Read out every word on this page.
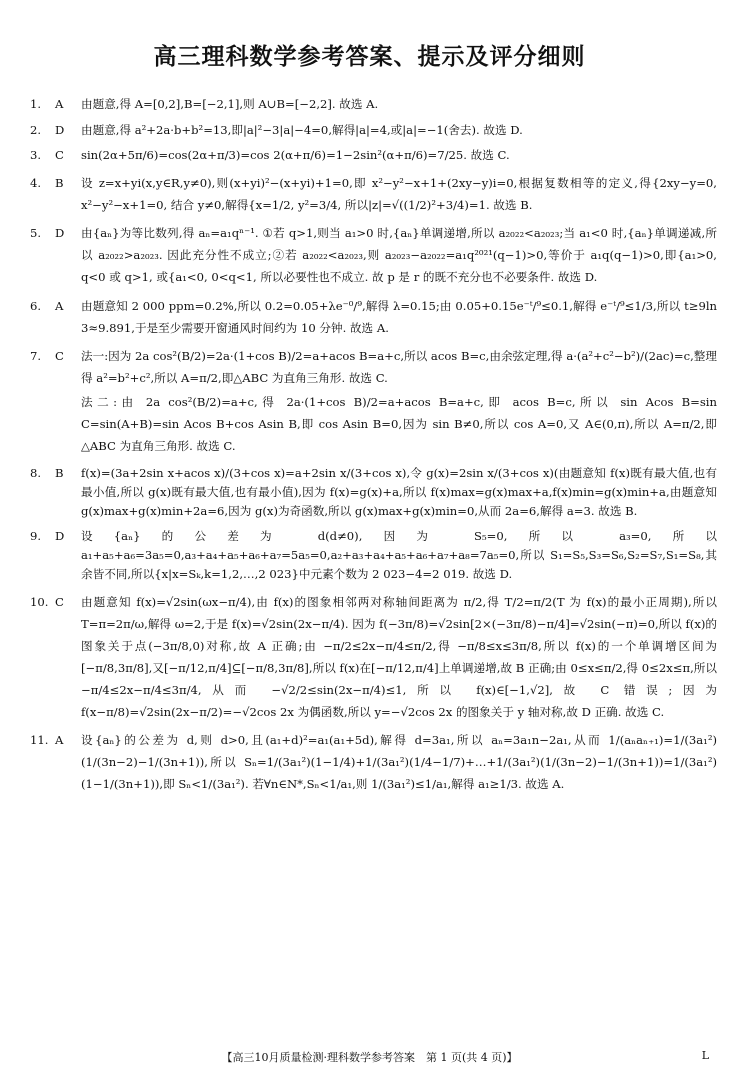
高三理科数学参考答案、提示及评分细则
1.	A	由题意,得 A=[0,2],B=[−2,1],则 A∪B=[−2,2]. 故选 A.

2.	D	由题意,得 a²+2a·b+b²=13,即|a|²−3|a|−4=0,解得|a|=4,或|a|=−1(舍去). 故选 D.

3.	C	sin(2α+5π/6)=cos(2α+π/3)=cos 2(α+π/6)=1−2sin²(α+π/6)=7/25. 故选 C.

4.	B	设 z=x+yi(x,y∈R,y≠0),则(x+yi)²−(x+yi)+1=0,即 x²−y²−x+1+(2xy−y)i=0,根据复数相等的定义,得{2xy−y=0, x²−y²−x+1=0, 结合 y≠0,解得{x=1/2, y²=3/4, 所以|z|=√((1/2)²+3/4)=1. 故选 B.

5.	D	由{aₙ}为等比数列,得 aₙ=a₁qⁿ⁻¹. ①若 q>1,则当 a₁>0 时,{aₙ}单调递增,所以 a₂₀₂₂<a₂₀₂₃;当 a₁<0 时,{aₙ}单调递减,所以 a₂₀₂₂>a₂₀₂₃. 因此充分性不成立;②若 a₂₀₂₂<a₂₀₂₃,则 a₂₀₂₃−a₂₀₂₂=a₁q²⁰²¹(q−1)>0,等价于 a₁q(q−1)>0,即{a₁>0, q<0 或 q>1, 或{a₁<0, 0<q<1, 所以必要性也不成立. 故 p 是 r 的既不充分也不必要条件. 故选 D.

6.	A	由题意知 2 000 ppm=0.2%,所以 0.2=0.05+λe⁻⁰/⁹,解得 λ=0.15;由 0.05+0.15e⁻ᵗ/⁹≤0.1,解得 e⁻ᵗ/⁹≤1/3,所以 t≥9ln 3≈9.891,于是至少需要开窗通风时间约为 10 分钟. 故选 A.

7.	C	法一:因为 2a cos²(B/2)=2a·(1+cos B)/2=a+acos B=a+c,所以 acos B=c,由余弦定理,得 a·(a²+c²−b²)/(2ac)=c,整理得 a²=b²+c²,所以 A=π/2,即△ABC 为直角三角形. 故选 C.

法二:由 2a cos²(B/2)=a+c,得 2a·(1+cos B)/2=a+acos B=a+c,即 acos B=c,所以 sin Acos B=sin C=sin(A+B)=sin Acos B+cos Asin B,即 cos Asin B=0,因为 sin B≠0,所以 cos A=0,又 A∈(0,π),所以 A=π/2,即△ABC 为直角三角形. 故选 C.

8.	B	f(x)=(3a+2sin x+acos x)/(3+cos x)=a+2sin x/(3+cos x),令 g(x)=2sin x/(3+cos x)(由题意知 f(x)既有最大值,也有最小值,所以 g(x)既有最大值,也有最小值),因为 f(x)=g(x)+a,所以 f(x)max=g(x)max+a,f(x)min=g(x)min+a,由题意知 g(x)max+g(x)min+2a=6,因为 g(x)为奇函数,所以 g(x)max+g(x)min=0,从而 2a=6,解得 a=3. 故选 B.

9.	D	设{aₙ}的公差为 d(d≠0),因为 S₅=0,所以 a₃=0,所以 a₁+a₅+a₆=3a₅=0,a₃+a₄+a₅+a₆+a₇=5a₅=0,a₂+a₃+a₄+a₅+a₆+a₇+a₈=7a₅=0,所以 S₁=S₅,S₃=S₆,S₂=S₇,S₁=S₈,其余皆不同,所以{x|x=Sₖ,k=1,2,…,2 023}中元素个数为 2 023−4=2 019. 故选 D.

10. C	由题意知 f(x)=√2sin(ωx−π/4),由 f(x)的图象相邻两对称轴间距离为 π/2,得 T/2=π/2(T 为 f(x)的最小正周期),所以 T=π=2π/ω,解得 ω=2,于是 f(x)=√2sin(2x−π/4). 因为 f(−3π/8)=√2sin[2×(−3π/8)−π/4]=√2sin(−π)=0,所以 f(x)的图象关于点(−3π/8,0)对称,故 A 正确;由 −π/2≤2x−π/4≤π/2,得 −π/8≤x≤3π/8,所以 f(x)的一个单调增区间为[−π/8,3π/8],又[−π/12,π/4]⊆[−π/8,3π/8],所以 f(x)在[−π/12,π/4]上单调递增,故 B 正确;由 0≤x≤π/2,得 0≤2x≤π,所以 −π/4≤2x−π/4≤3π/4,从而 −√2/2≤sin(2x−π/4)≤1,所以 f(x)∈[−1,√2],故 C 错误;因为 f(x−π/8)=√2sin(2x−π/2)=−√2cos 2x 为偶函数,所以 y=−√2cos 2x 的图象关于 y 轴对称,故 D 正确. 故选 C.

11. A	设{aₙ}的公差为 d,则 d>0,且(a₁+d)²=a₁(a₁+5d),解得 d=3a₁,所以 aₙ=3a₁n−2a₁,从而 1/(aₙaₙ₊₁)=1/(3a₁²)(1/(3n−2)−1/(3n+1)),所以 Sₙ=1/(3a₁²)(1−1/4)+1/(3a₁²)(1/4−1/7)+…+1/(3a₁²)(1/(3n−2)−1/(3n+1))=1/(3a₁²)(1−1/(3n+1)),即 Sₙ<1/(3a₁²). 若∀n∈N*,Sₙ<1/a₁,则 1/(3a₁²)≤1/a₁,解得 a₁≥1/3. 故选 A.

【高三10月质量检测·理科数学参考答案　第 1 页(共 4 页)】	L
